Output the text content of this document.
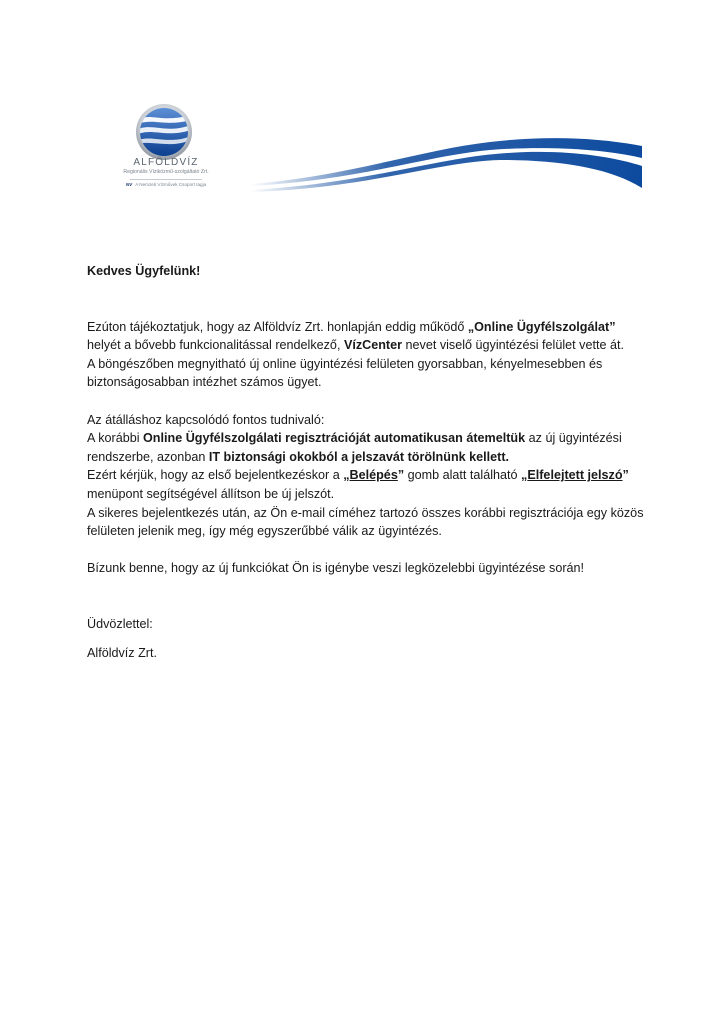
ALFÖLDVÍZ
Regionális Víziközmű-szolgáltató Zrt.
NV A Nemzeti Vízművek Csoport tagja

Kedves Ügyfelünk!

Ezúton tájékoztatjuk, hogy az Alföldvíz Zrt. honlapján eddig működő „Online Ügyfélszolgálat” helyét a bővebb funkcionalitással rendelkező, VízCenter nevet viselő ügyintézési felület vette át.
A böngészőben megnyitható új online ügyintézési felületen gyorsabban, kényelmesebben és biztonságosabban intézhet számos ügyet.

Az átálláshoz kapcsolódó fontos tudnivaló:
A korábbi Online Ügyfélszolgálati regisztrációját automatikusan átemeltük az új ügyintézési rendszerbe, azonban IT biztonsági okokból a jelszavát törölnünk kellett.
Ezért kérjük, hogy az első bejelentkezéskor a „Belépés” gomb alatt található „Elfelejtett jelszó” menüpont segítségével állítson be új jelszót.
A sikeres bejelentkezés után, az Ön e-mail címéhez tartozó összes korábbi regisztrációja egy közös felületen jelenik meg, így még egyszerűbbé válik az ügyintézés.

Bízunk benne, hogy az új funkciókat Ön is igénybe veszi legközelebbi ügyintézése során!

Üdvözlettel:

Alföldvíz Zrt.
